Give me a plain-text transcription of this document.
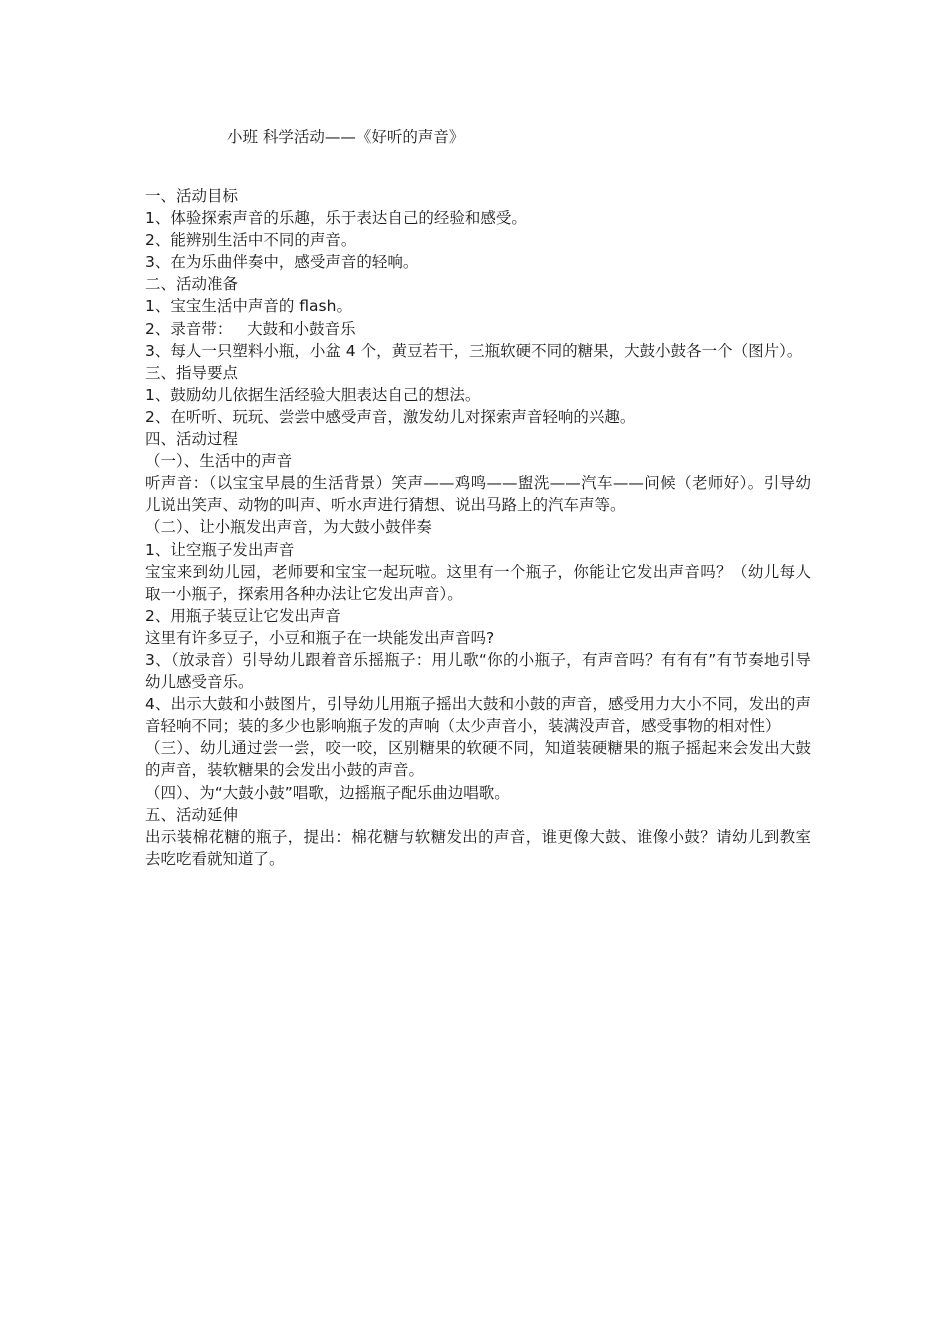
小班 科学活动——《好听的声音》

一、活动目标

1、体验探索声音的乐趣，乐于表达自己的经验和感受。

2、能辨别生活中不同的声音。

3、在为乐曲伴奏中，感受声音的轻响。

二、活动准备

1、宝宝生活中声音的 flash。

2、录音带：   大鼓和小鼓音乐

3、每人一只塑料小瓶，小盆 4 个，黄豆若干，三瓶软硬不同的糖果，大鼓小鼓各一个（图片）。

三、指导要点

1、鼓励幼儿依据生活经验大胆表达自己的想法。

2、在听听、玩玩、尝尝中感受声音，激发幼儿对探索声音轻响的兴趣。

四、活动过程

（一）、生活中的声音

听声音：（以宝宝早晨的生活背景）笑声——鸡鸣——盥洗——汽车——问候（老师好）。引导幼儿说出笑声、动物的叫声、听水声进行猜想、说出马路上的汽车声等。

（二）、让小瓶发出声音，为大鼓小鼓伴奏

1、让空瓶子发出声音

宝宝来到幼儿园，老师要和宝宝一起玩啦。这里有一个瓶子，你能让它发出声音吗？（幼儿每人取一小瓶子，探索用各种办法让它发出声音）。

2、用瓶子装豆让它发出声音

这里有许多豆子，小豆和瓶子在一块能发出声音吗?

3、（放录音）引导幼儿跟着音乐摇瓶子：用儿歌“你的小瓶子，有声音吗？有有有”有节奏地引导幼儿感受音乐。

4、出示大鼓和小鼓图片，引导幼儿用瓶子摇出大鼓和小鼓的声音，感受用力大小不同，发出的声音轻响不同；装的多少也影响瓶子发的声响（太少声音小，装满没声音，感受事物的相对性）

（三）、幼儿通过尝一尝，咬一咬，区别糖果的软硬不同，知道装硬糖果的瓶子摇起来会发出大鼓的声音，装软糖果的会发出小鼓的声音。

（四）、为“大鼓小鼓”唱歌，边摇瓶子配乐曲边唱歌。

五、活动延伸

出示装棉花糖的瓶子，提出：棉花糖与软糖发出的声音，谁更像大鼓、谁像小鼓？请幼儿到教室去吃吃看就知道了。
